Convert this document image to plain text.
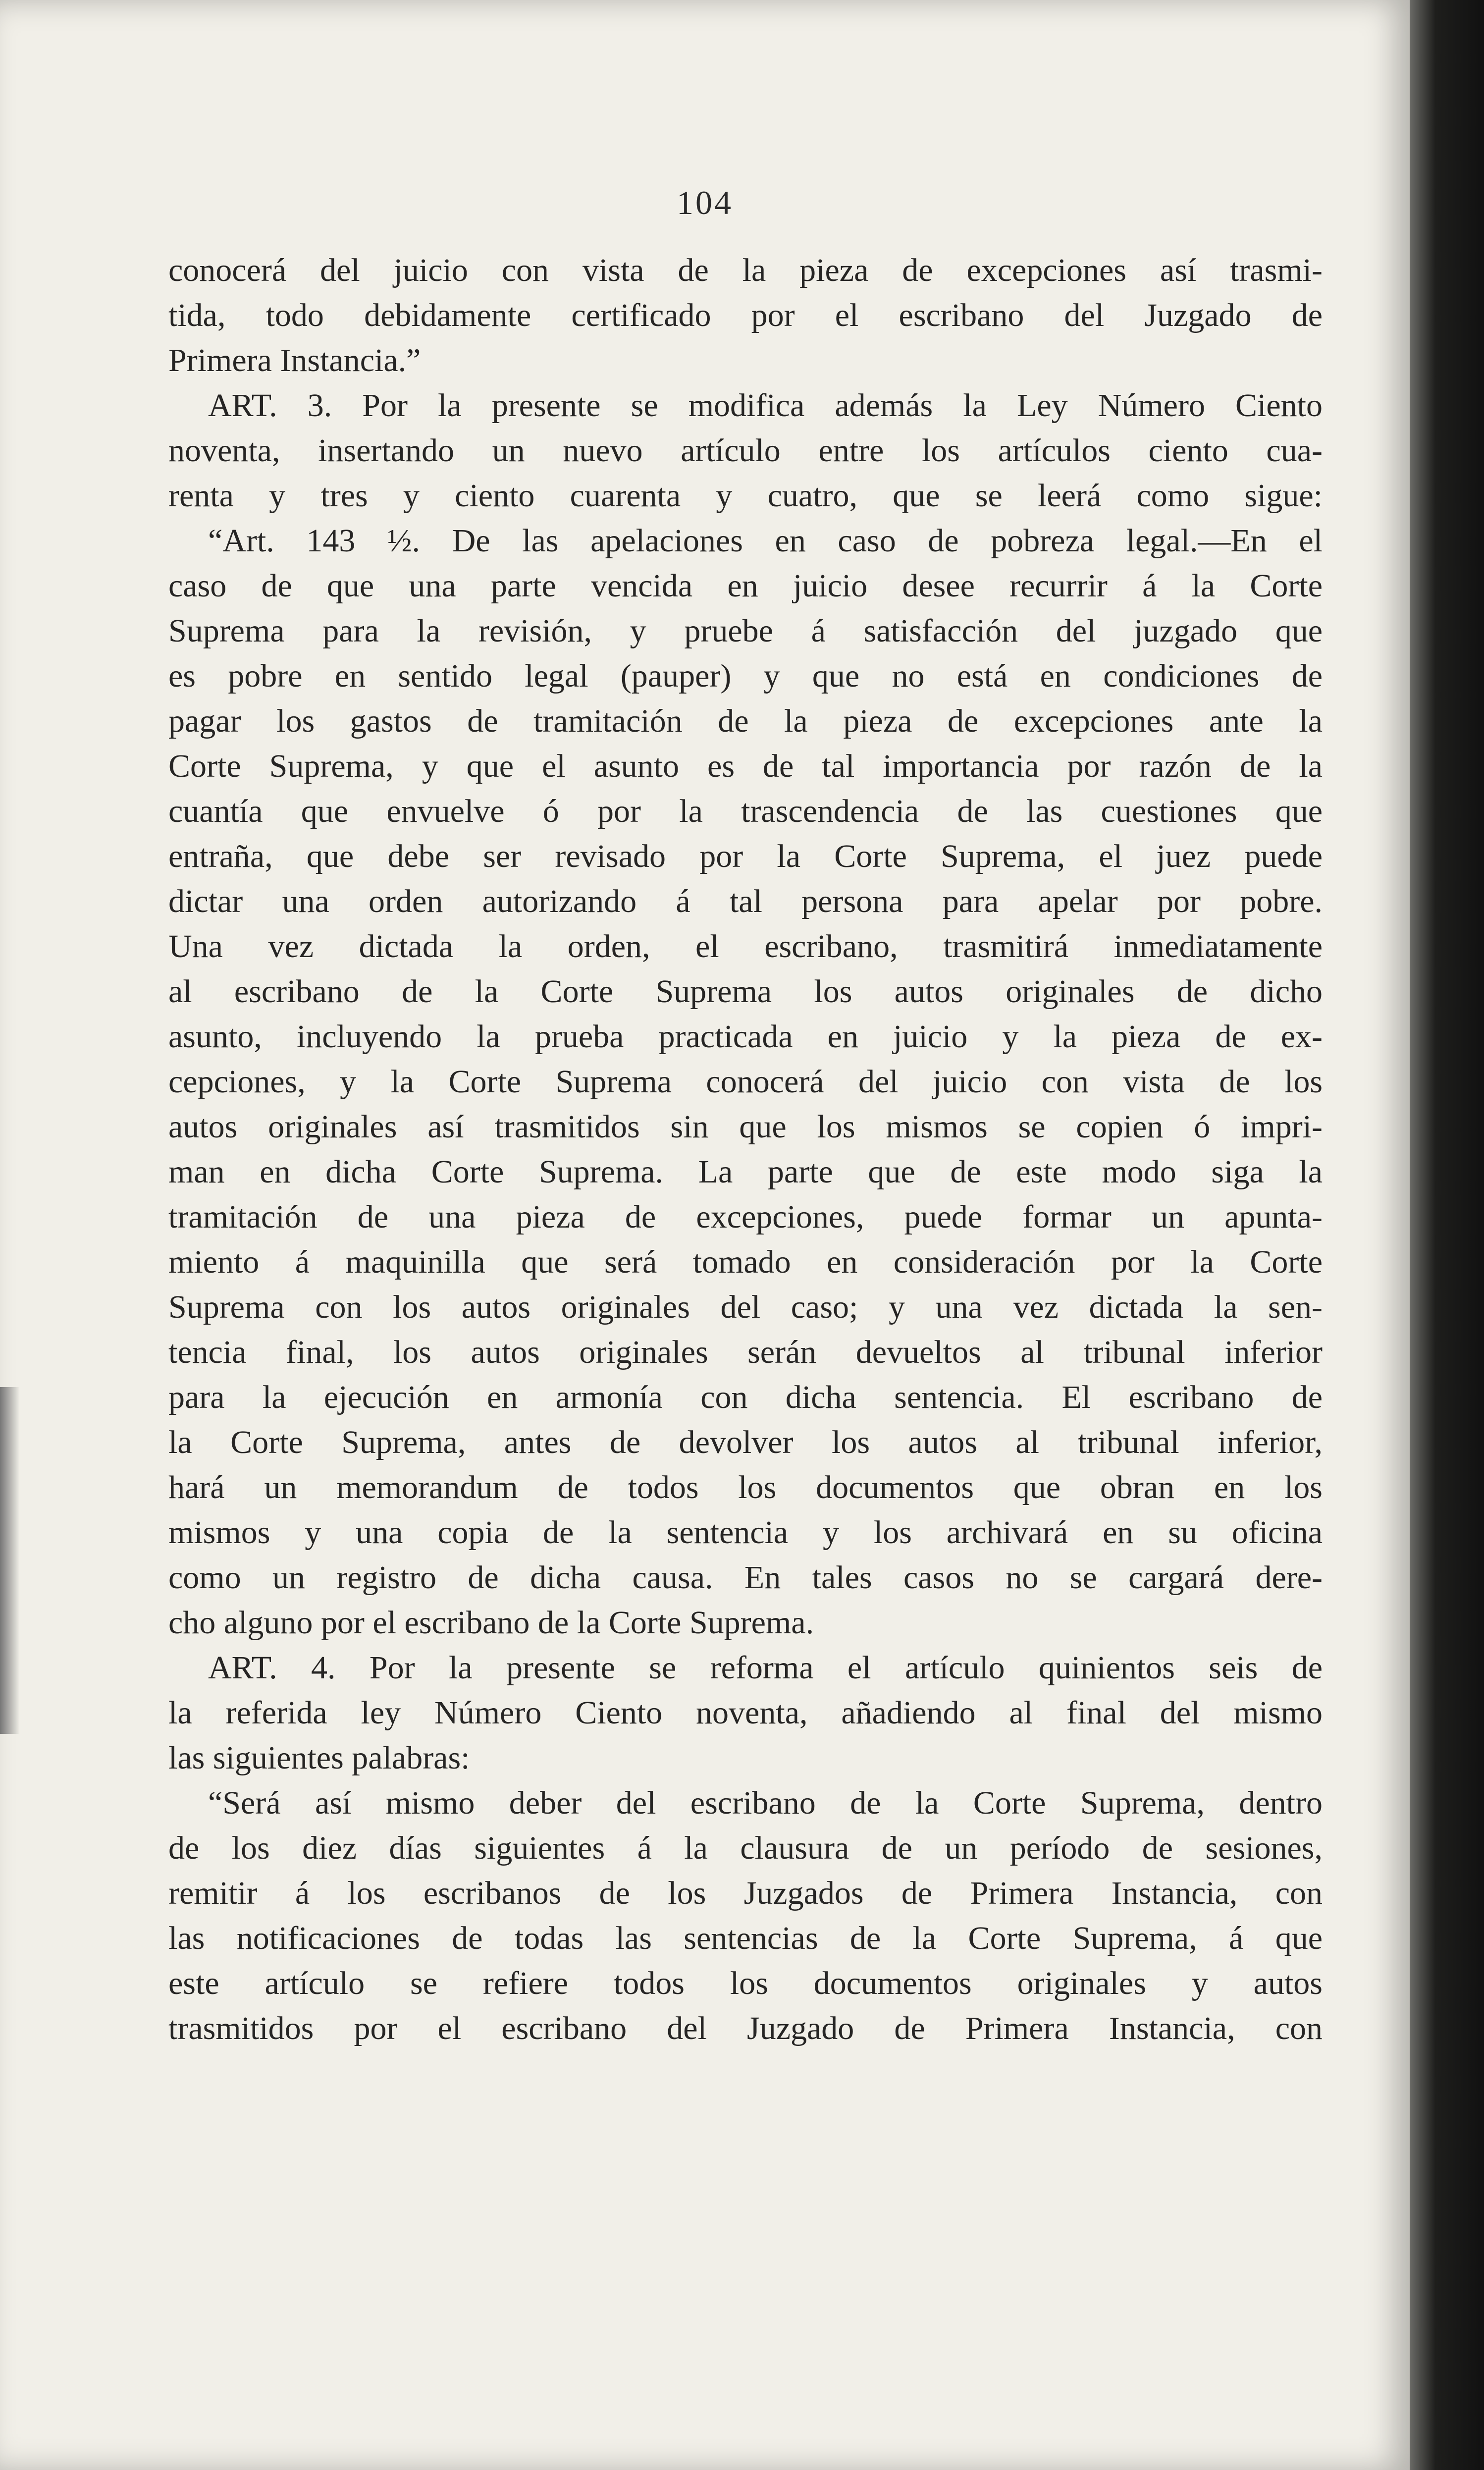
104
conocerá del juicio con vista de la pieza de excepciones así trasmi-
tida, todo debidamente certificado por el escribano del Juzgado de
Primera Instancia.”
ART. 3. Por la presente se modifica además la Ley Número Ciento
noventa, insertando un nuevo artículo entre los artículos ciento cua-
renta y tres y ciento cuarenta y cuatro, que se leerá como sigue:
“Art. 143 ½. De las apelaciones en caso de pobreza legal.—En el
caso de que una parte vencida en juicio desee recurrir á la Corte
Suprema para la revisión, y pruebe á satisfacción del juzgado que
es pobre en sentido legal (pauper) y que no está en condiciones de
pagar los gastos de tramitación de la pieza de excepciones ante la
Corte Suprema, y que el asunto es de tal importancia por razón de la
cuantía que envuelve ó por la trascendencia de las cuestiones que
entraña, que debe ser revisado por la Corte Suprema, el juez puede
dictar una orden autorizando á tal persona para apelar por pobre.
Una vez dictada la orden, el escribano, trasmitirá inmediatamente
al escribano de la Corte Suprema los autos originales de dicho
asunto, incluyendo la prueba practicada en juicio y la pieza de ex-
cepciones, y la Corte Suprema conocerá del juicio con vista de los
autos originales así trasmitidos sin que los mismos se copien ó impri-
man en dicha Corte Suprema. La parte que de este modo siga la
tramitación de una pieza de excepciones, puede formar un apunta-
miento á maquinilla que será tomado en consideración por la Corte
Suprema con los autos originales del caso; y una vez dictada la sen-
tencia final, los autos originales serán devueltos al tribunal inferior
para la ejecución en armonía con dicha sentencia. El escribano de
la Corte Suprema, antes de devolver los autos al tribunal inferior,
hará un memorandum de todos los documentos que obran en los
mismos y una copia de la sentencia y los archivará en su oficina
como un registro de dicha causa. En tales casos no se cargará dere-
cho alguno por el escribano de la Corte Suprema.
ART. 4. Por la presente se reforma el artículo quinientos seis de
la referida ley Número Ciento noventa, añadiendo al final del mismo
las siguientes palabras:
“Será así mismo deber del escribano de la Corte Suprema, dentro
de los diez días siguientes á la clausura de un período de sesiones,
remitir á los escribanos de los Juzgados de Primera Instancia, con
las notificaciones de todas las sentencias de la Corte Suprema, á que
este artículo se refiere todos los documentos originales y autos
trasmitidos por el escribano del Juzgado de Primera Instancia, con
